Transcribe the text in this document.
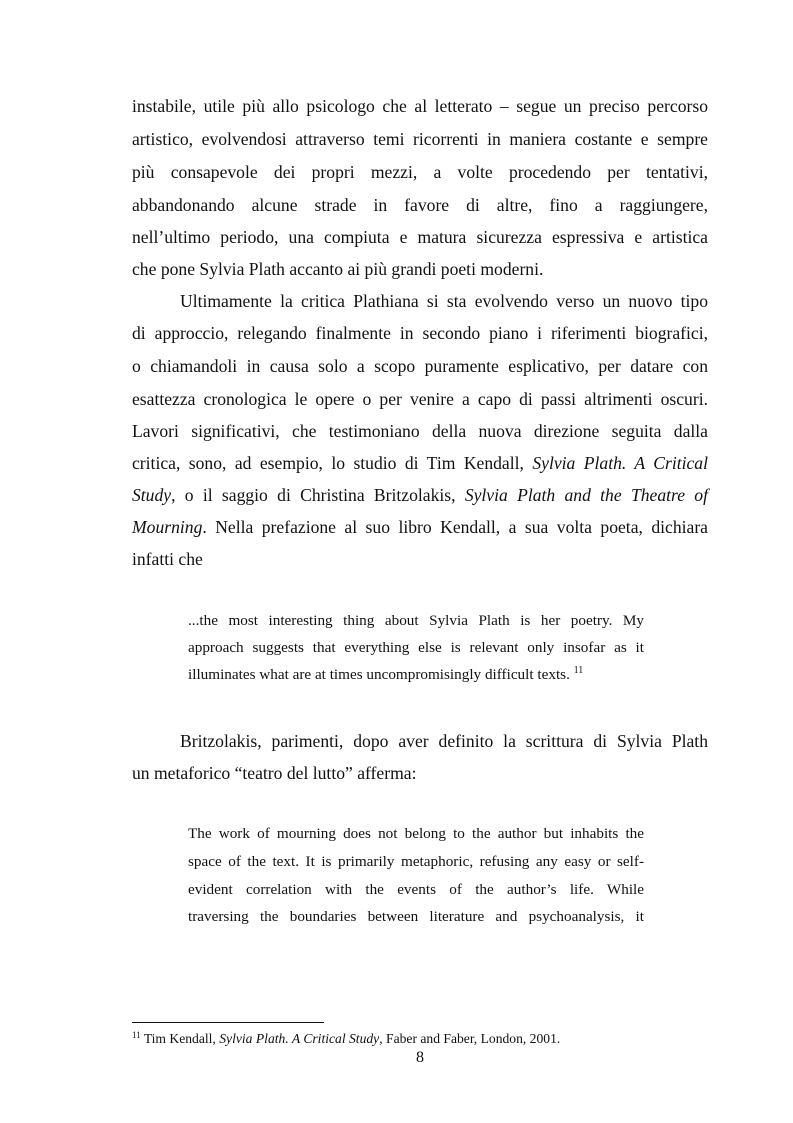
instabile, utile più allo psicologo che al letterato – segue un preciso percorso
artistico, evolvendosi attraverso temi ricorrenti in maniera costante e sempre
più consapevole dei propri mezzi, a volte procedendo per tentativi,
abbandonando alcune strade in favore di altre, fino a raggiungere,
nell’ultimo periodo, una compiuta e matura sicurezza espressiva e artistica
che pone Sylvia Plath accanto ai più grandi poeti moderni.
Ultimamente la critica Plathiana si sta evolvendo verso un nuovo tipo
di approccio, relegando finalmente in secondo piano i riferimenti biografici,
o chiamandoli in causa solo a scopo puramente esplicativo, per datare con
esattezza cronologica le opere o per venire a capo di passi altrimenti oscuri.
Lavori significativi, che testimoniano della nuova direzione seguita dalla
critica, sono, ad esempio, lo studio di Tim Kendall, Sylvia Plath. A Critical
Study, o il saggio di Christina Britzolakis, Sylvia Plath and the Theatre of
Mourning. Nella prefazione al suo libro Kendall, a sua volta poeta, dichiara
infatti che
...the most interesting thing about Sylvia Plath is her poetry. My
approach suggests that everything else is relevant only insofar as it
illuminates what are at times uncompromisingly difficult texts. $^{11}$
Britzolakis, parimenti, dopo aver definito la scrittura di Sylvia Plath
un metaforico “teatro del lutto” afferma:
The work of mourning does not belong to the author but inhabits the
space of the text. It is primarily metaphoric, refusing any easy or self-
evident correlation with the events of the author’s life. While
traversing the boundaries between literature and psychoanalysis, it
$^{11}$ Tim Kendall, Sylvia Plath. A Critical Study, Faber and Faber, London, 2001.
8
